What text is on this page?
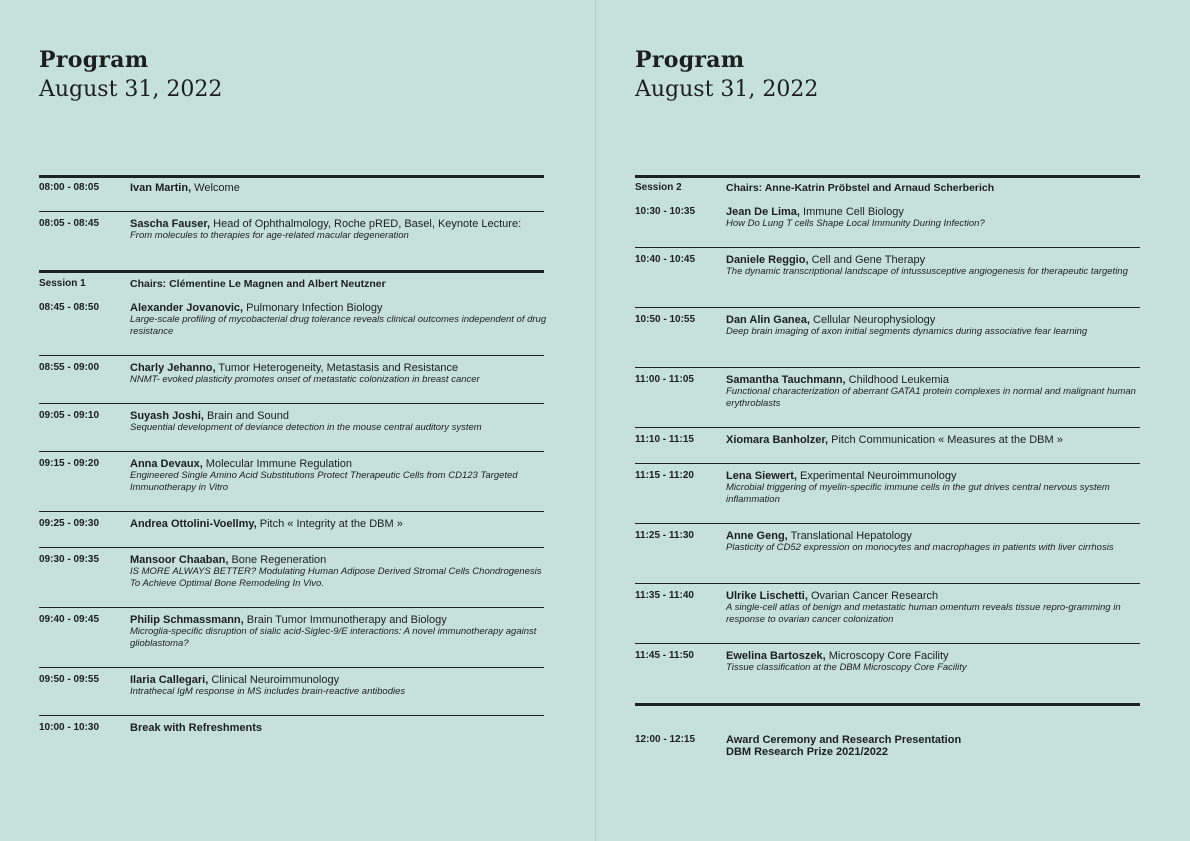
Program
August 31, 2022
08:00 - 08:05	Ivan Martin, Welcome
08:05 - 08:45	Sascha Fauser, Head of Ophthalmology, Roche pRED, Basel, Keynote Lecture:
From molecules to therapies for age-related macular degeneration
Session 1	Chairs: Clémentine Le Magnen and Albert Neutzner
08:45 - 08:50	Alexander Jovanovic, Pulmonary Infection Biology
Large-scale profiling of mycobacterial drug tolerance reveals clinical outcomes independent of drug resistance
08:55 - 09:00	Charly Jehanno, Tumor Heterogeneity, Metastasis and Resistance
NNMT- evoked plasticity promotes onset of metastatic colonization in breast cancer
09:05 - 09:10	Suyash Joshi, Brain and Sound
Sequential development of deviance detection in the mouse central auditory system
09:15 - 09:20	Anna Devaux, Molecular Immune Regulation
Engineered Single Amino Acid Substitutions Protect Therapeutic Cells from CD123 Targeted Immunotherapy in Vitro
09:25 - 09:30	Andrea Ottolini-Voellmy, Pitch « Integrity at the DBM »
09:30 - 09:35	Mansoor Chaaban, Bone Regeneration
IS MORE ALWAYS BETTER? Modulating Human Adipose Derived Stromal Cells Chondrogenesis To Achieve Optimal Bone Remodeling In Vivo.
09:40 - 09:45	Philip Schmassmann, Brain Tumor Immunotherapy and Biology
Microglia-specific disruption of sialic acid-Siglec-9/E interactions: A novel immunotherapy against glioblastoma?
09:50 - 09:55	Ilaria Callegari, Clinical Neuroimmunology
Intrathecal IgM response in MS includes brain-reactive antibodies
10:00 - 10:30	Break with Refreshments
Program
August 31, 2022
Session 2	Chairs: Anne-Katrin Pröbstel and Arnaud Scherberich
10:30 - 10:35	Jean De Lima, Immune Cell Biology
How Do Lung T cells Shape Local Immunity During Infection?
10:40 - 10:45	Daniele Reggio, Cell and Gene Therapy
The dynamic transcriptional landscape of intussusceptive angiogenesis for therapeutic targeting
10:50 - 10:55	Dan Alin Ganea, Cellular Neurophysiology
Deep brain imaging of axon initial segments dynamics during associative fear learning
11:00 - 11:05	Samantha Tauchmann, Childhood Leukemia
Functional characterization of aberrant GATA1 protein complexes in normal and malignant human erythroblasts
11:10 - 11:15	Xiomara Banholzer, Pitch Communication « Measures at the DBM »
11:15 - 11:20	Lena Siewert, Experimental Neuroimmunology
Microbial triggering of myelin-specific immune cells in the gut drives central nervous system inflammation
11:25 - 11:30	Anne Geng, Translational Hepatology
Plasticity of CD52 expression on monocytes and macrophages in patients with liver cirrhosis
11:35 - 11:40	Ulrike Lischetti, Ovarian Cancer Research
A single-cell atlas of benign and metastatic human omentum reveals tissue repro-gramming in response to ovarian cancer colonization
11:45 - 11:50	Ewelina Bartoszek, Microscopy Core Facility
Tissue classification at the DBM Microscopy Core Facility
12:00 - 12:15	Award Ceremony and Research Presentation
DBM Research Prize 2021/2022
